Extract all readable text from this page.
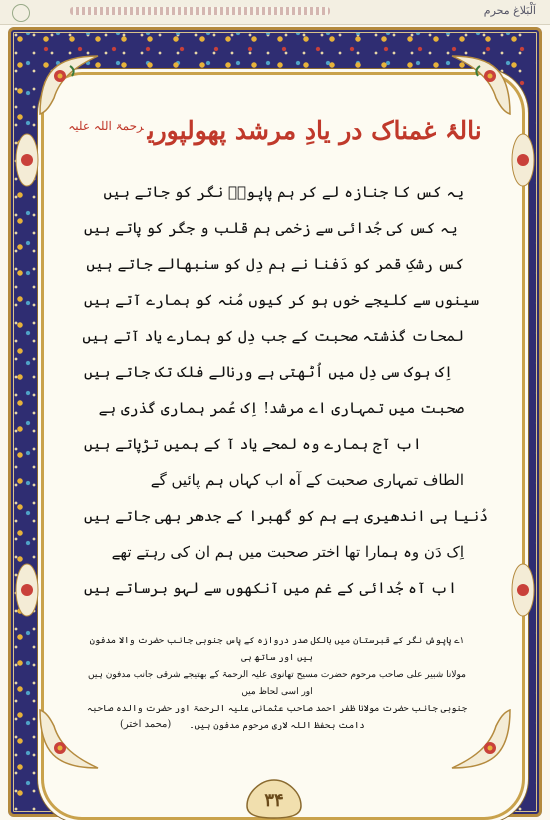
اَلْبَلاغ محرم
نالۂ غمناک در یادِ مرشد پھولپوری$^{رحمۃ اللہ علیہ}$
یہ کس کا جنازہ لے کر ہم پاپوشؔ نگر کو جاتے ہیں
یہ کس کی جُدائی سے زخمی ہم قلب و جگر کو پاتے ہیں
کس رشکِ قمر کو دَفنا نے ہم دِل کو سنبھالے جاتے ہیں
سینوں سے کلیجے خوں ہو کر کیوں مُنہ کو ہمارے آتے ہیں
لمحات گذشتہ صحبت کے جب دِل کو ہمارے یاد آتے ہیں
اِک ہوک سی دِل میں اُٹھتی ہے ورنالے فلک تک جاتے ہیں
صحبت میں تمہاری اے مرشد! اِک عُمر ہماری گذری ہے
اب آج ہمارے وہ لمحے یاد آ کے ہمیں تڑپاتے ہیں
الطاف تمہاری صحبت کے آہ اب کہاں ہم پائیں گے
دُنیا ہی اندھیری ہے ہم کو گھبرا کے جدھر بھی جاتے ہیں
اِک دَن وہ ہمارا تھا اختر صحبت میں ہم ان کی رہتے تھے
اب آہ جُدائی کے غم میں آنکھوں سے لہو برساتے ہیں
۱ے پاپوش نگر کے قبرستان میں بالکل صدر دروازہ کے پاس جنوبی جانب حضرت والا مدفون ہیں اور ساتھ ہی
مولانا شبیر علی صاحب مرحوم حضرت مسیح تھانوی علیہ الرحمۃ کے بھتیجے شرقی جانب مدفون ہیں اور اسی لحاظ میں
جنوبی جانب حضرت مولانا ظفر احمد صاحب عثمانی علیہ الرحمۃ اور حضرت والدہ صاحبہ دامت بحفظ اللہ لاری مرحوم مدفون ہیں۔
(محمد اختر)
۳۴
